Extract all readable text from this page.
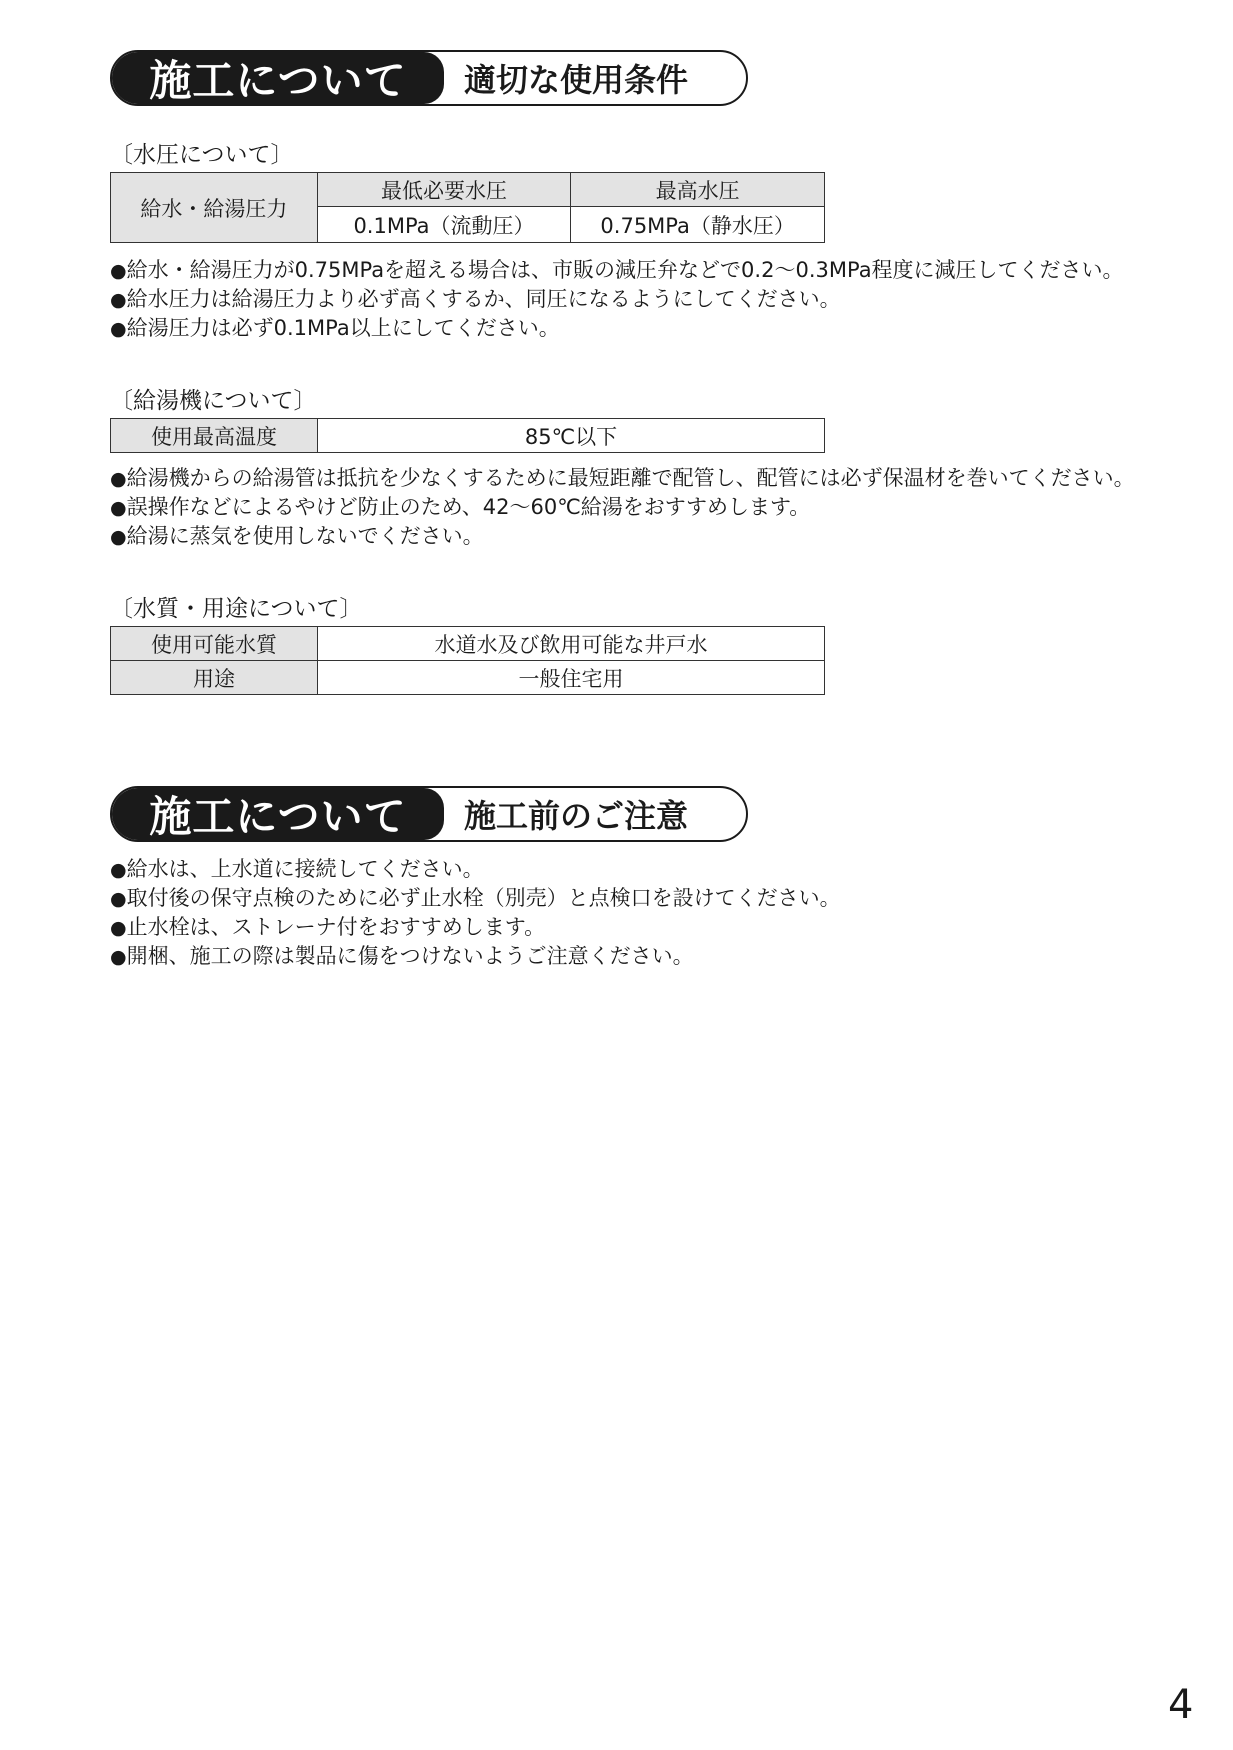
施工について	適切な使用条件
〔水圧について〕
給水・給湯圧力	最低必要水圧	最高水圧
	0.1MPa（流動圧）	0.75MPa（静水圧）
●給水・給湯圧力が0.75MPaを超える場合は、市販の減圧弁などで0.2〜0.3MPa程度に減圧してください。
●給水圧力は給湯圧力より必ず高くするか、同圧になるようにしてください。
●給湯圧力は必ず0.1MPa以上にしてください。
〔給湯機について〕
使用最高温度	85℃以下
●給湯機からの給湯管は抵抗を少なくするために最短距離で配管し、配管には必ず保温材を巻いてください。
●誤操作などによるやけど防止のため、42〜60℃給湯をおすすめします。
●給湯に蒸気を使用しないでください。
〔水質・用途について〕
使用可能水質	水道水及び飲用可能な井戸水
用途	一般住宅用
施工について	施工前のご注意
●給水は、上水道に接続してください。
●取付後の保守点検のために必ず止水栓（別売）と点検口を設けてください。
●止水栓は、ストレーナ付をおすすめします。
●開梱、施工の際は製品に傷をつけないようご注意ください。
4
